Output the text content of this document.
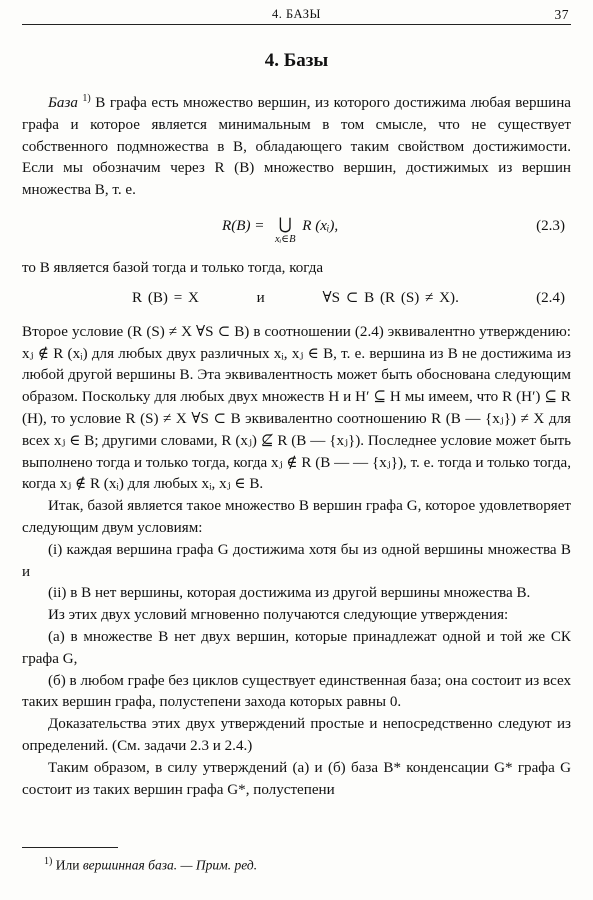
4. БАЗЫ	37
4. Базы

База $^{1)}$ B графа есть множество вершин, из которого достижима любая вершина графа и которое является минимальным в том смысле, что не существует собственного подмножества в B, обладающего таким свойством достижимости. Если мы обозначим через R (B) множество вершин, достижимых из вершин множества B, т. е.

R(B) = ⋃
xᵢ∈B
R (xᵢ),	(2.3)

то B является базой тогда и только тогда, когда

R (B) = X          и          ∀S ⊂ B (R (S) ≠ X).	(2.4)

Второе условие (R (S) ≠ X ∀S ⊂ B) в соотношении (2.4) эквивалентно утверждению: xⱼ ∉ R (xᵢ) для любых двух различных xᵢ, xⱼ ∈ B, т. е. вершина из B не достижима из любой другой вершины B. Эта эквивалентность может быть обоснована следующим образом. Поскольку для любых двух множеств H и H′ ⊆ H мы имеем, что R (H′) ⊆ R (H), то условие R (S) ≠ X ∀S ⊂ B эквивалентно соотношению R (B — {xⱼ}) ≠ X для всех xⱼ ∈ B; другими словами, R (xⱼ) ⊈ R (B — {xⱼ}). Последнее условие может быть выполнено тогда и только тогда, когда xⱼ ∉ R (B — — {xⱼ}), т. е. тогда и только тогда, когда xⱼ ∉ R (xᵢ) для любых xᵢ, xⱼ ∈ B.

Итак, базой является такое множество B вершин графа G, которое удовлетворяет следующим двум условиям:

(i) каждая вершина графа G достижима хотя бы из одной вершины множества B и

(ii) в B нет вершины, которая достижима из другой вершины множества B.

Из этих двух условий мгновенно получаются следующие утверждения:

(а) в множестве B нет двух вершин, которые принадлежат одной и той же СК графа G,

(б) в любом графе без циклов существует единственная база; она состоит из всех таких вершин графа, полустепени захода которых равны 0.

Доказательства этих двух утверждений простые и непосредственно следуют из определений. (См. задачи 2.3 и 2.4.)

Таким образом, в силу утверждений (а) и (б) база B* конденсации G* графа G состоит из таких вершин графа G*, полустепени

$^{1)}$ Или вершинная база. — Прим. ред.
